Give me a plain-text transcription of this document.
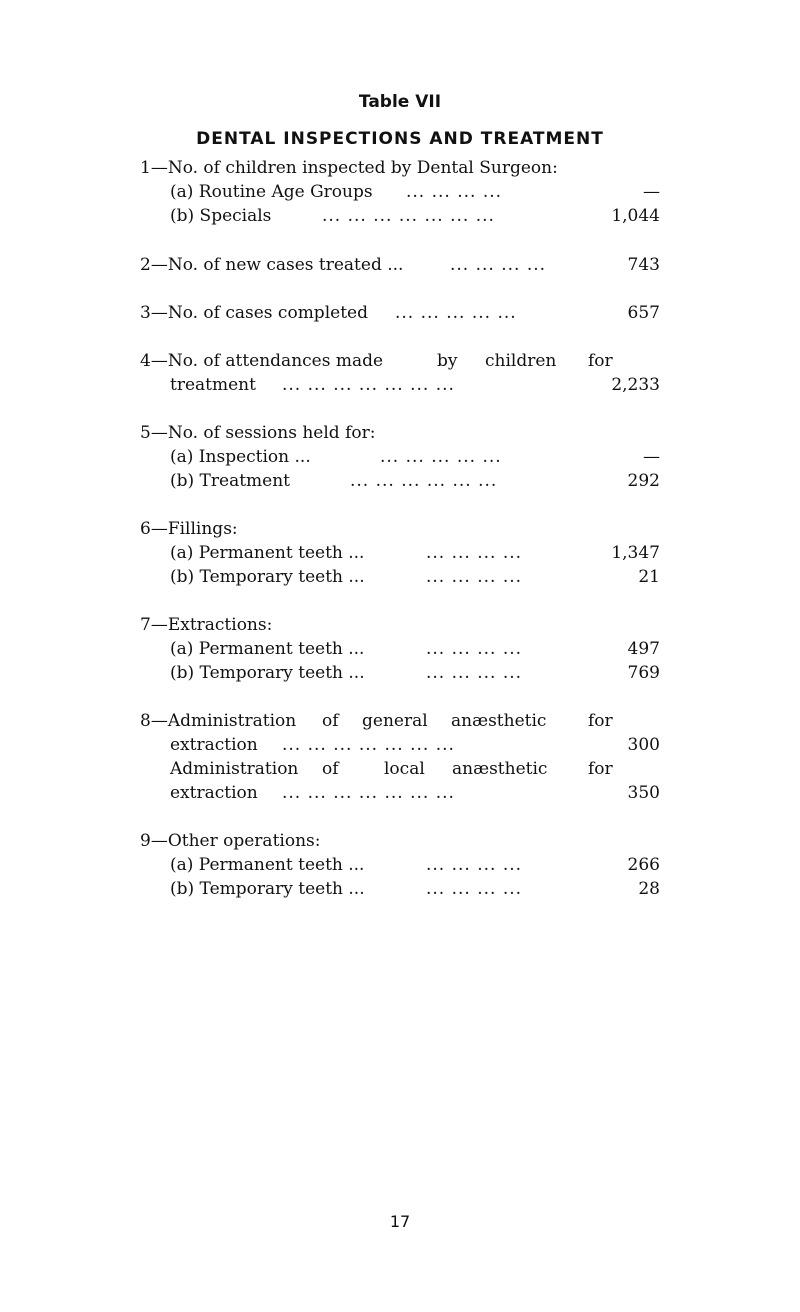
Table VII
DENTAL INSPECTIONS AND TREATMENT
1—No. of children inspected by Dental Surgeon:
(a) Routine Age Groups ... ... ... ...	—
(b) Specials	... ... ... ... ... ... ...	1,044
2—No. of new cases treated ...	... ... ... ...	743
3—No. of cases completed ... ... ... ... ...	657
4—No. of attendances made	by children for
treatment ... ... ... ... ... ... ...	2,233
5—No. of sessions held for:
(a) Inspection ...	... ... ... ... ...	—
(b) Treatment	... ... ... ... ... ...	292
6—Fillings:
(a) Permanent teeth ...	... ... ... ...	1,347
(b) Temporary teeth ...	... ... ... ...	21
7—Extractions:
(a) Permanent teeth ...	... ... ... ...	497
(b) Temporary teeth ...	... ... ... ...	769
8—Administration of general anæsthetic for
extraction ... ... ... ... ... ... ...	300
Administration of	local anæsthetic for
extraction ... ... ... ... ... ... ...	350
9—Other operations:
(a) Permanent teeth ...	... ... ... ...	266
(b) Temporary teeth ...	... ... ... ...	28
17
